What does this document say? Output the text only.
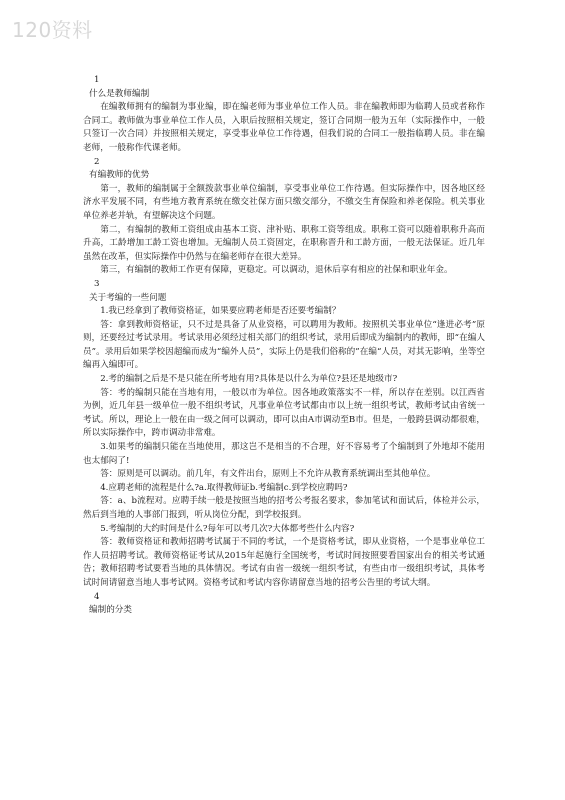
120资料
1
什么是教师编制

在编教师拥有的编制为事业编，即在编老师为事业单位工作人员。非在编教师即为临聘人员或者称作合同工。教师做为事业单位工作人员，入职后按照相关规定，签订合同期一般为五年（实际操作中，一般只签订一次合同）并按照相关规定，享受事业单位工作待遇，但我们说的合同工一般指临聘人员。非在编老师，一般称作代课老师。

2
有编教师的优势

第一，教师的编制属于全额拨款事业单位编制，享受事业单位工作待遇。但实际操作中，因各地区经济水平发展不同，有些地方教育系统在缴交社保方面只缴交部分，不缴交生育保险和养老保险。机关事业单位养老并轨，有望解决这个问题。

第二，有编制的教师工资组成由基本工资、津补贴、职称工资等组成。职称工资可以随着职称升高而升高，工龄增加工龄工资也增加。无编制人员工资固定，在职称晋升和工龄方面，一般无法保证。近几年虽然在改革，但实际操作中仍然与在编老师存在很大差异。

第三，有编制的教师工作更有保障，更稳定。可以调动，退休后享有相应的社保和职业年金。

3
关于考编的一些问题

1.我已经拿到了教师资格证，如果要应聘老师是否还要考编制？

答：拿到教师资格证，只不过是具备了从业资格，可以聘用为教师。按照机关事业单位“逢进必考”原则，还要经过考试录用。考试录用必须经过相关部门的组织考试，录用后即成为编制内的教师，即“在编人员”。录用后如果学校因超编而成为“编外人员”，实际上仍是我们俗称的”在编“人员，对其无影响，坐等空编再入编即可。

2.考的编制之后是不是只能在所考地有用?具体是以什么为单位?县还是地级市?

答：考的编制只能在当地有用，一般以市为单位。因各地政策落实不一样，所以存在差别。以江西省为例，近几年县一级单位一般不组织考试，凡事业单位考试都由市以上统一组织考试，教师考试由省统一考试。所以，理论上一般在由一级之间可以调动，即可以由A市调动至B市。但是，一般跨县调动都很难，所以实际操作中，跨市调动非常难。

3.如果考的编制只能在当地使用，那这岂不是相当的不合理，好不容易考了个编制到了外地却不能用也太郁闷了!

答：原则是可以调动。前几年，有文件出台，原则上不允许从教育系统调出至其他单位。

4.应聘老师的流程是什么?a.取得教师证b.考编制c.到学校应聘吗?

答：a、b流程对。应聘手续一般是按照当地的招考公考报名要求，参加笔试和面试后，体检并公示，然后到当地的人事部门报到，听从岗位分配，到学校报到。

5.考编制的大约时间是什么?每年可以考几次?大体都考些什么内容?

答：教师资格证和教师招聘考试属于不同的考试，一个是资格考试，即从业资格，一个是事业单位工作人员招聘考试。教师资格证考试从2015年起施行全国统考，考试时间按照要看国家出台的相关考试通告；教师招聘考试要看当地的具体情况。考试有由省一级统一组织考试，有些由市一级组织考试，具体考试时间请留意当地人事考试网。资格考试和考试内容你请留意当地的招考公告里的考试大纲。

4
编制的分类
